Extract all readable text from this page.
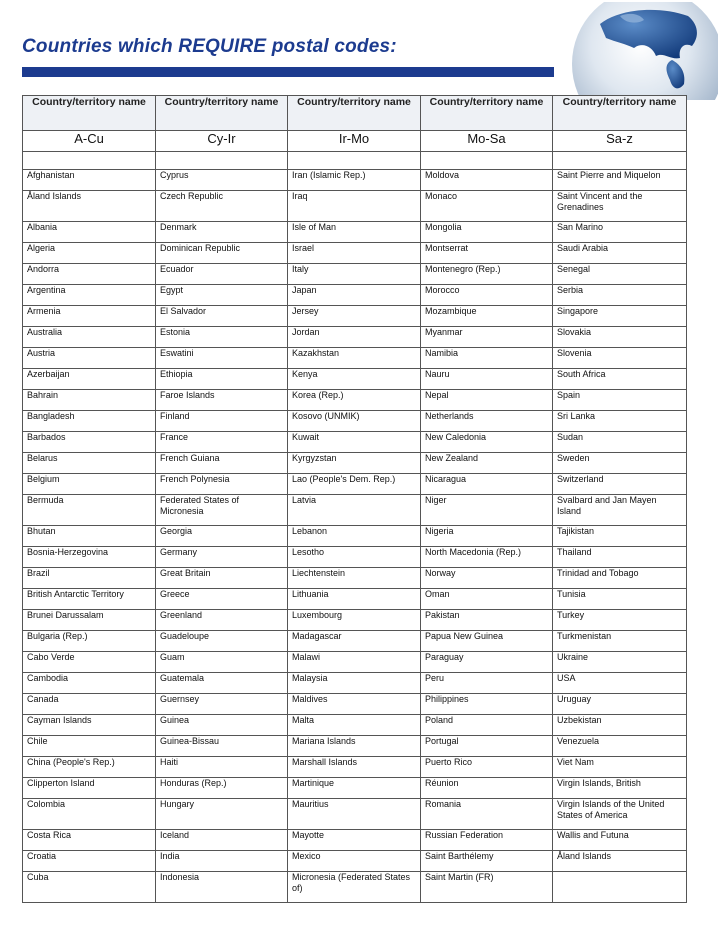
Countries which REQUIRE postal codes:
Country/territory name	Country/territory name	Country/territory name	Country/territory name	Country/territory name
A-Cu	Cy-Ir	Ir-Mo	Mo-Sa	Sa-z

Afghanistan	Cyprus	Iran (Islamic Rep.)	Moldova	Saint Pierre and Miquelon
Åland Islands	Czech Republic	Iraq	Monaco	Saint Vincent and the Grenadines
Albania	Denmark	Isle of Man	Mongolia	San Marino
Algeria	Dominican Republic	Israel	Montserrat	Saudi Arabia
Andorra	Ecuador	Italy	Montenegro (Rep.)	Senegal
Argentina	Egypt	Japan	Morocco	Serbia
Armenia	El Salvador	Jersey	Mozambique	Singapore
Australia	Estonia	Jordan	Myanmar	Slovakia
Austria	Eswatini	Kazakhstan	Namibia	Slovenia
Azerbaijan	Ethiopia	Kenya	Nauru	South Africa
Bahrain	Faroe Islands	Korea (Rep.)	Nepal	Spain
Bangladesh	Finland	Kosovo (UNMIK)	Netherlands	Sri Lanka
Barbados	France	Kuwait	New Caledonia	Sudan
Belarus	French Guiana	Kyrgyzstan	New Zealand	Sweden
Belgium	French Polynesia	Lao (People's Dem. Rep.)	Nicaragua	Switzerland
Bermuda	Federated States of Micronesia	Latvia	Niger	Svalbard and Jan Mayen Island
Bhutan	Georgia	Lebanon	Nigeria	Tajikistan
Bosnia-Herzegovina	Germany	Lesotho	North Macedonia (Rep.)	Thailand
Brazil	Great Britain	Liechtenstein	Norway	Trinidad and Tobago
British Antarctic Territory	Greece	Lithuania	Oman	Tunisia
Brunei Darussalam	Greenland	Luxembourg	Pakistan	Turkey
Bulgaria (Rep.)	Guadeloupe	Madagascar	Papua New Guinea	Turkmenistan
Cabo Verde	Guam	Malawi	Paraguay	Ukraine
Cambodia	Guatemala	Malaysia	Peru	USA
Canada	Guernsey	Maldives	Philippines	Uruguay
Cayman Islands	Guinea	Malta	Poland	Uzbekistan
Chile	Guinea-Bissau	Mariana Islands	Portugal	Venezuela
China (People's Rep.)	Haiti	Marshall Islands	Puerto Rico	Viet Nam
Clipperton Island	Honduras (Rep.)	Martinique	Réunion	Virgin Islands, British
Colombia	Hungary	Mauritius	Romania	Virgin Islands of the United States of America
Costa Rica	Iceland	Mayotte	Russian Federation	Wallis and Futuna
Croatia	India	Mexico	Saint Barthélemy	Åland Islands
Cuba	Indonesia	Micronesia (Federated States of)	Saint Martin (FR)	
